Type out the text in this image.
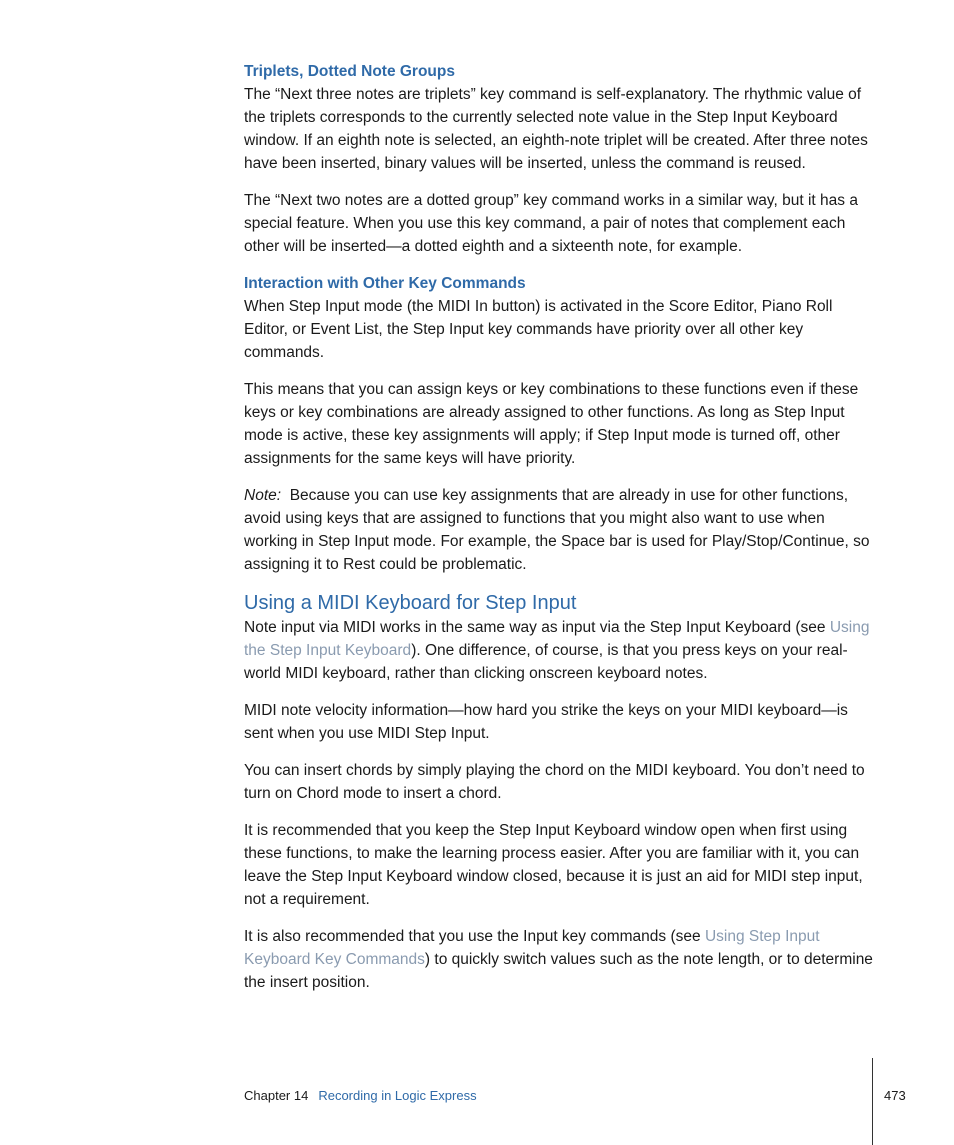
Triplets, Dotted Note Groups

The “Next three notes are triplets” key command is self-explanatory. The rhythmic value of the triplets corresponds to the currently selected note value in the Step Input Keyboard window. If an eighth note is selected, an eighth-note triplet will be created. After three notes have been inserted, binary values will be inserted, unless the command is reused.

The “Next two notes are a dotted group” key command works in a similar way, but it has a special feature. When you use this key command, a pair of notes that complement each other will be inserted—a dotted eighth and a sixteenth note, for example.

Interaction with Other Key Commands

When Step Input mode (the MIDI In button) is activated in the Score Editor, Piano Roll Editor, or Event List, the Step Input key commands have priority over all other key commands.

This means that you can assign keys or key combinations to these functions even if these keys or key combinations are already assigned to other functions. As long as Step Input mode is active, these key assignments will apply; if Step Input mode is turned off, other assignments for the same keys will have priority.

Note: Because you can use key assignments that are already in use for other functions, avoid using keys that are assigned to functions that you might also want to use when working in Step Input mode. For example, the Space bar is used for Play/Stop/Continue, so assigning it to Rest could be problematic.

Using a MIDI Keyboard for Step Input

Note input via MIDI works in the same way as input via the Step Input Keyboard (see Using the Step Input Keyboard). One difference, of course, is that you press keys on your real-world MIDI keyboard, rather than clicking onscreen keyboard notes.

MIDI note velocity information—how hard you strike the keys on your MIDI keyboard—is sent when you use MIDI Step Input.

You can insert chords by simply playing the chord on the MIDI keyboard. You don’t need to turn on Chord mode to insert a chord.

It is recommended that you keep the Step Input Keyboard window open when first using these functions, to make the learning process easier. After you are familiar with it, you can leave the Step Input Keyboard window closed, because it is just an aid for MIDI step input, not a requirement.

It is also recommended that you use the Input key commands (see Using Step Input Keyboard Key Commands) to quickly switch values such as the note length, or to determine the insert position.

Chapter 14 Recording in Logic Express	473
